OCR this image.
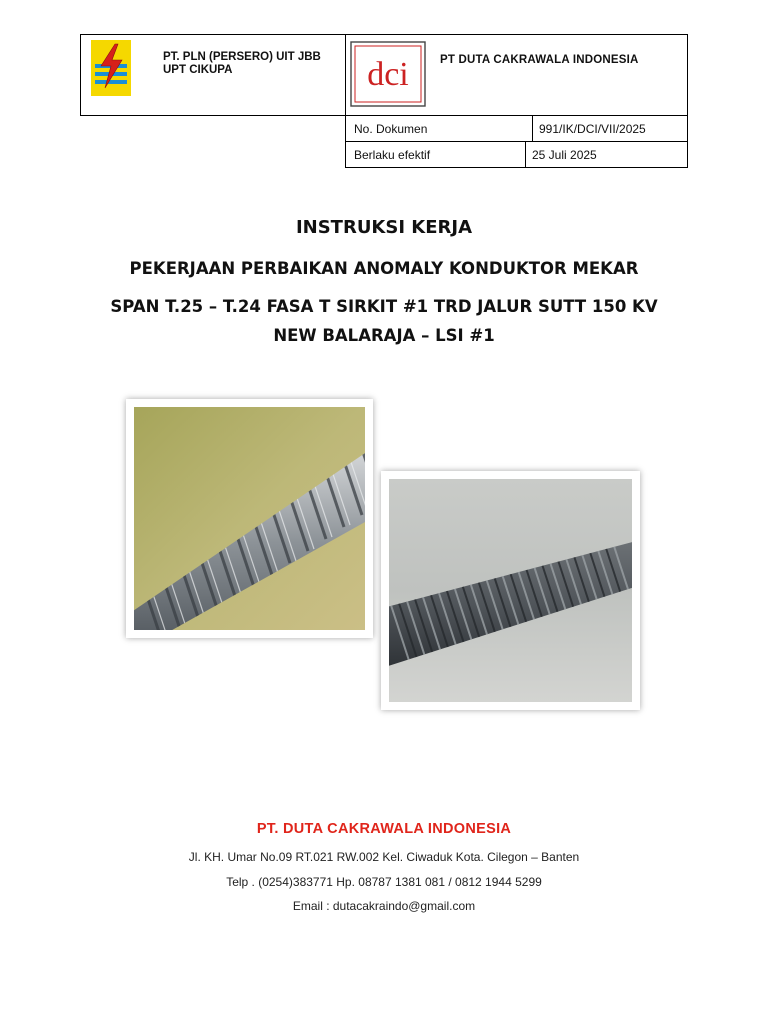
PT. PLN (PERSERO) UIT JBB
UPT CIKUPA	dci	PT DUTA CAKRAWALA INDONESIA
No. Dokumen	991/IK/DCI/VII/2025
Berlaku efektif	25 Juli 2025
INSTRUKSI KERJA
PEKERJAAN PERBAIKAN ANOMALY KONDUKTOR MEKAR
SPAN T.25 – T.24 FASA T SIRKIT #1 TRD JALUR SUTT 150 KV
NEW BALARAJA – LSI #1
PT. DUTA CAKRAWALA INDONESIA
Jl. KH. Umar No.09 RT.021 RW.002 Kel. Ciwaduk Kota. Cilegon – Banten
Telp . (0254)383771 Hp. 08787 1381 081 / 0812 1944 5299
Email : dutacakraindo@gmail.com
